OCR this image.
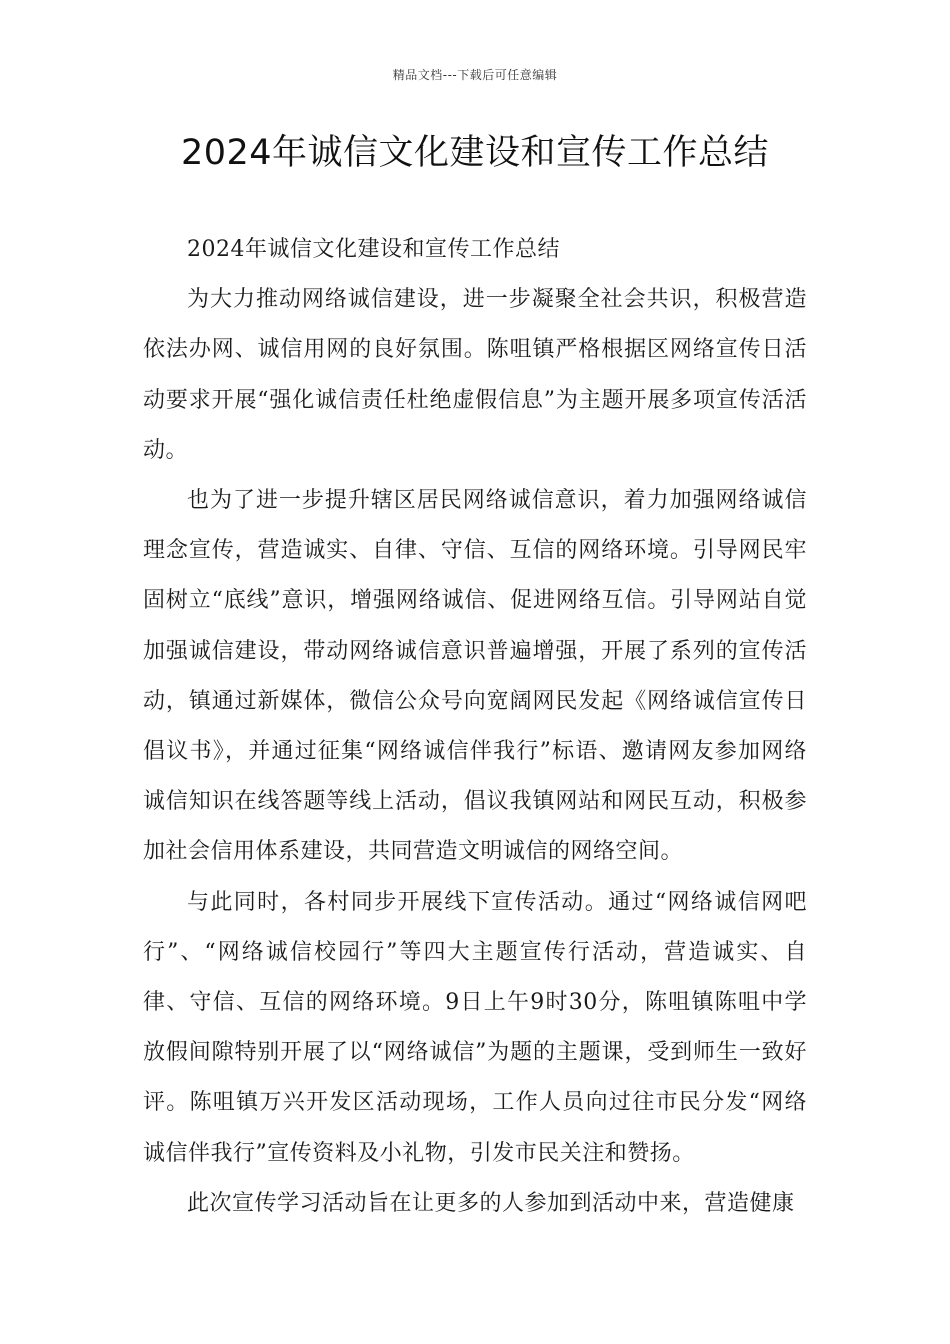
精品文档---下载后可任意编辑
2024年诚信文化建设和宣传工作总结

2024年诚信文化建设和宣传工作总结

为大力推动网络诚信建设，进一步凝聚全社会共识，积极营造依法办网、诚信用网的良好氛围。陈咀镇严格根据区网络宣传日活动要求开展“强化诚信责任杜绝虚假信息”为主题开展多项宣传活活动。

也为了进一步提升辖区居民网络诚信意识，着力加强网络诚信理念宣传，营造诚实、自律、守信、互信的网络环境。引导网民牢固树立“底线”意识，增强网络诚信、促进网络互信。引导网站自觉加强诚信建设，带动网络诚信意识普遍增强，开展了系列的宣传活动，镇通过新媒体，微信公众号向宽阔网民发起《网络诚信宣传日倡议书》，并通过征集“网络诚信伴我行”标语、邀请网友参加网络诚信知识在线答题等线上活动，倡议我镇网站和网民互动，积极参加社会信用体系建设，共同营造文明诚信的网络空间。

与此同时，各村同步开展线下宣传活动。通过“网络诚信网吧行”、“网络诚信校园行”等四大主题宣传行活动，营造诚实、自律、守信、互信的网络环境。9日上午9时30分，陈咀镇陈咀中学放假间隙特别开展了以“网络诚信”为题的主题课，受到师生一致好评。陈咀镇万兴开发区活动现场，工作人员向过往市民分发“网络诚信伴我行”宣传资料及小礼物，引发市民关注和赞扬。

此次宣传学习活动旨在让更多的人参加到活动中来，营造健康
